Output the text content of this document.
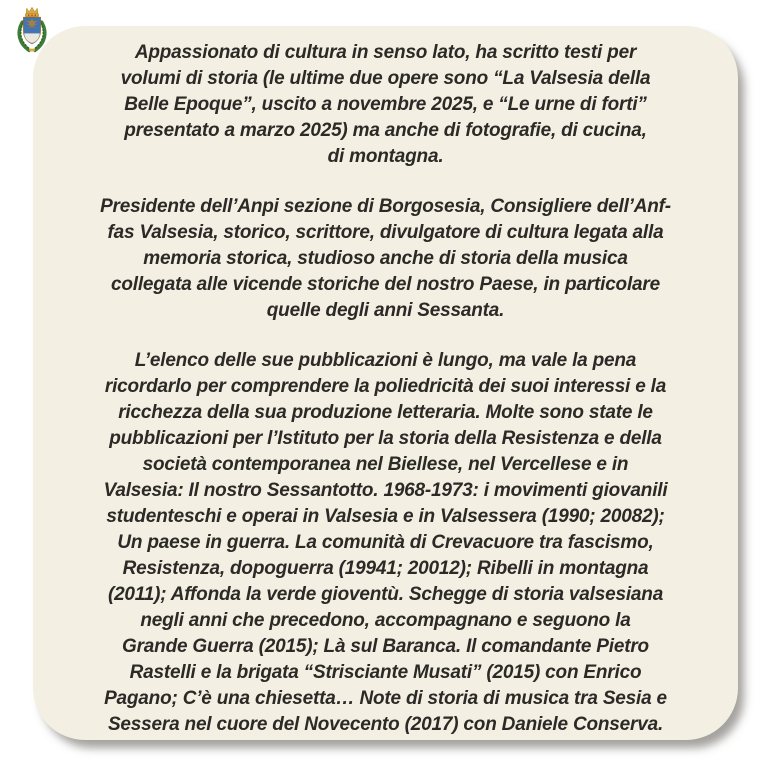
Appassionato di cultura in senso lato, ha scritto testi per
volumi di storia (le ultime due opere sono “La Valsesia della
Belle Epoque”, uscito a novembre 2025, e “Le urne di forti”
presentato a marzo 2025) ma anche di fotografie, di cucina,
di montagna.
Presidente dell’Anpi sezione di Borgosesia, Consigliere dell’Anf-
fas Valsesia, storico, scrittore, divulgatore di cultura legata alla
memoria storica, studioso anche di storia della musica
collegata alle vicende storiche del nostro Paese, in particolare
quelle degli anni Sessanta.
L’elenco delle sue pubblicazioni è lungo, ma vale la pena
ricordarlo per comprendere la poliedricità dei suoi interessi e la
ricchezza della sua produzione letteraria. Molte sono state le
pubblicazioni per l’Istituto per la storia della Resistenza e della
società contemporanea nel Biellese, nel Vercellese e in
Valsesia: Il nostro Sessantotto. 1968-1973: i movimenti giovanili
studenteschi e operai in Valsesia e in Valsessera (1990; 20082);
Un paese in guerra. La comunità di Crevacuore tra fascismo,
Resistenza, dopoguerra (19941; 20012); Ribelli in montagna
(2011); Affonda la verde gioventù. Schegge di storia valsesiana
negli anni che precedono, accompagnano e seguono la
Grande Guerra (2015); Là sul Baranca. Il comandante Pietro
Rastelli e la brigata “Strisciante Musati” (2015) con Enrico
Pagano; C’è una chiesetta… Note di storia di musica tra Sesia e
Sessera nel cuore del Novecento (2017) con Daniele Conserva.
